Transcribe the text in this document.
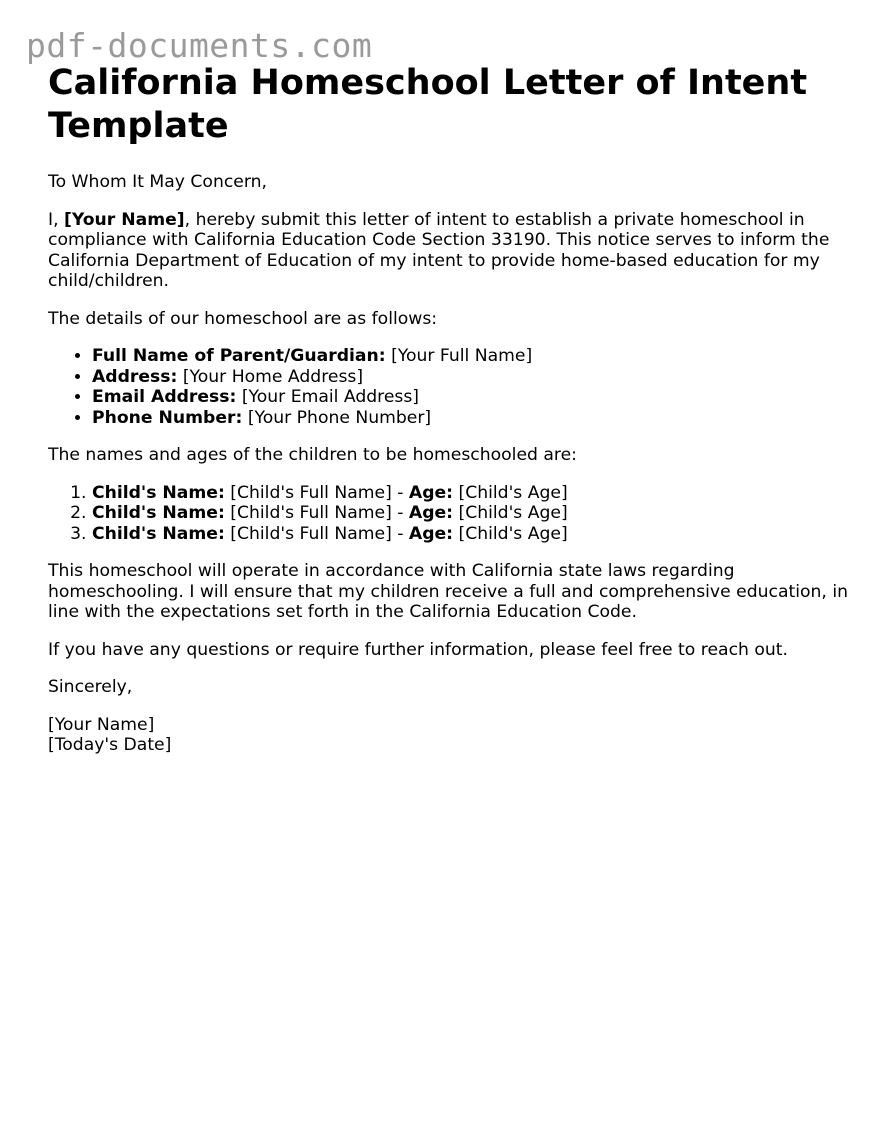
pdf-documents.com
California Homeschool Letter of Intent Template

To Whom It May Concern,

I, [Your Name], hereby submit this letter of intent to establish a private homeschool in compliance with California Education Code Section 33190. This notice serves to inform the California Department of Education of my intent to provide home-based education for my child/children.

The details of our homeschool are as follows:

• Full Name of Parent/Guardian: [Your Full Name]
• Address: [Your Home Address]
• Email Address: [Your Email Address]
• Phone Number: [Your Phone Number]

The names and ages of the children to be homeschooled are:

1. Child's Name: [Child's Full Name] - Age: [Child's Age]
2. Child's Name: [Child's Full Name] - Age: [Child's Age]
3. Child's Name: [Child's Full Name] - Age: [Child's Age]

This homeschool will operate in accordance with California state laws regarding homeschooling. I will ensure that my children receive a full and comprehensive education, in line with the expectations set forth in the California Education Code.

If you have any questions or require further information, please feel free to reach out.

Sincerely,

[Your Name]
[Today's Date]
